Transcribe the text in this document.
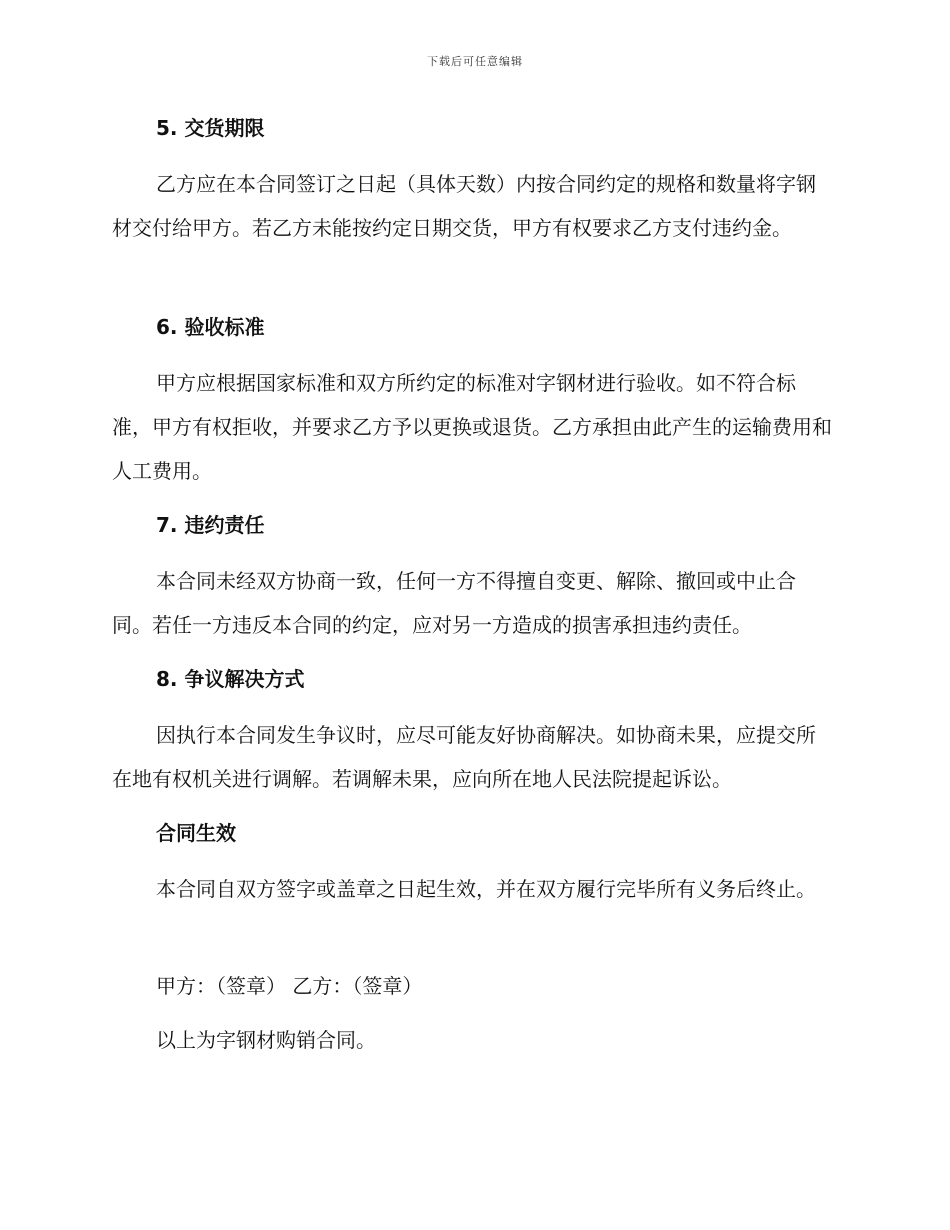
下载后可任意编辑
5. 交货期限

乙方应在本合同签订之日起（具体天数）内按合同约定的规格和数量将字钢材交付给甲方。若乙方未能按约定日期交货，甲方有权要求乙方支付违约金。

6. 验收标准

甲方应根据国家标准和双方所约定的标准对字钢材进行验收。如不符合标准，甲方有权拒收，并要求乙方予以更换或退货。乙方承担由此产生的运输费用和人工费用。

7. 违约责任

本合同未经双方协商一致，任何一方不得擅自变更、解除、撤回或中止合同。若任一方违反本合同的约定，应对另一方造成的损害承担违约责任。

8. 争议解决方式

因执行本合同发生争议时，应尽可能友好协商解决。如协商未果，应提交所在地有权机关进行调解。若调解未果，应向所在地人民法院提起诉讼。

合同生效

本合同自双方签字或盖章之日起生效，并在双方履行完毕所有义务后终止。

甲方：（签章） 乙方：（签章）
以上为字钢材购销合同。
